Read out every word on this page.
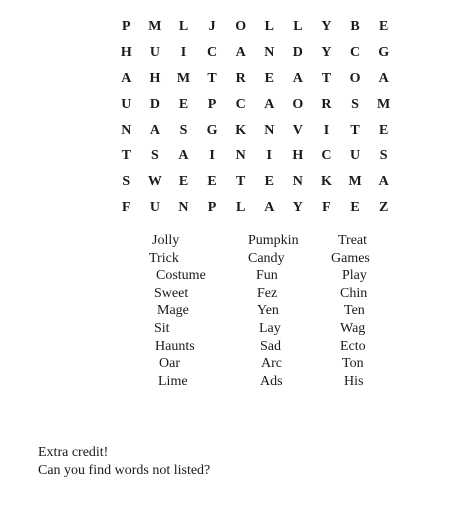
P	M	L	J	O	L	L	Y	B	E
H	U	I	C	A	N	D	Y	C	G
A	H	M	T	R	E	A	T	O	A
U	D	E	P	C	A	O	R	S	M
N	A	S	G	K	N	V	I	T	E
T	S	A	I	N	I	H	C	U	S
S	W	E	E	T	E	N	K	M	A
F	U	N	P	L	A	Y	F	E	Z
Jolly	Pumpkin	Treat
Trick	Candy	Games
Costume	Fun	Play
Sweet	Fez	Chin
Mage	Yen	Ten
Sit	Lay	Wag
Haunts	Sad	Ecto
Oar	Arc	Ton
Lime	Ads	His
Extra credit!
Can you find words not listed?
